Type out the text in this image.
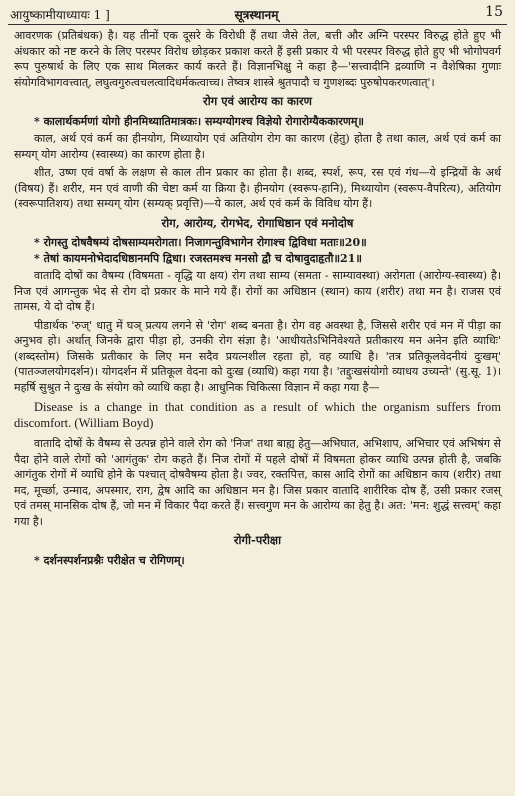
आयुष्कामीयाध्यायः 1 ]	सूत्रस्थानम्	15

आवरणक (प्रतिबंधक) है। यह तीनों एक दूसरे के विरोधी हैं तथा जैसे तेल, बत्ती और अग्नि परस्पर विरुद्ध होते हुए भी अंधकार को नष्ट करने के लिए परस्पर विरोध छोड़कर प्रकाश करते हैं इसी प्रकार ये भी परस्पर विरुद्ध होते हुए भी भोगोपवर्ग रूप पुरुषार्थ के लिए एक साथ मिलकर कार्य करते हैं। विज्ञानभिक्षु ने कहा है—'सत्त्वादीनि द्रव्याणि न वैशेषिका गुणाः संयोगविभागवत्त्वात्, लघुत्वगुरुत्वचलत्वादिधर्मकत्वाच्च। तेष्वत्र शास्त्रे श्रुतपादौ च गुणशब्दः पुरुषोपकरणत्वात्'।

रोग एवं आरोग्य का कारण
* कालार्थकर्मणां योगो हीनमिथ्यातिमात्रकः। सम्यग्योगश्च विज्ञेयो रोगारोग्यैककारणम्॥

काल, अर्थ एवं कर्म का हीनयोग, मिथ्यायोग एवं अतियोग रोग का कारण (हेतु) होता है तथा काल, अर्थ एवं कर्म का सम्यग् योग आरोग्य (स्वास्थ्य) का कारण होता है।

शीत, उष्ण एवं वर्षा के लक्षण से काल तीन प्रकार का होता है। शब्द, स्पर्श, रूप, रस एवं गंध—ये इन्द्रियों के अर्थ (विषय) हैं। शरीर, मन एवं वाणी की चेष्टा कर्म या क्रिया है। हीनयोग (स्वरूप-हानि), मिथ्यायोग (स्वरूप-वैपरित्य), अतियोग (स्वरूपातिशय) तथा सम्यग् योग (सम्यक् प्रवृत्ति)—ये काल, अर्थ एवं कर्म के विविध योग हैं।

रोग, आरोग्य, रोगभेद, रोगाधिष्ठान एवं मनोदोष
* रोगस्तु दोषवैषम्यं दोषसाम्यमरोगता। निजागन्तुविभागेन रोगाश्च द्विविधा मताः॥20॥
* तेषां कायमनोभेदादधिष्ठानमपि द्विधा। रजस्तमश्च मनसो द्वौ च दोषावुदाहृतौ॥21॥

वातादि दोषों का वैषम्य (विषमता - वृद्धि या क्षय) रोग तथा साम्य (समता - साम्यावस्था) अरोगता (आरोग्य-स्वास्थ्य) है। निज एवं आगन्तुक भेद से रोग दो प्रकार के माने गये हैं। रोगों का अधिष्ठान (स्थान) काय (शरीर) तथा मन है। राजस एवं तामस, ये दो दोष हैं।

पीडार्थक 'रुज्' धातु में घञ् प्रत्यय लगने से 'रोग' शब्द बनता है। रोग वह अवस्था है, जिससे शरीर एवं मन में पीड़ा का अनुभव हो। अर्थात् जिनके द्वारा पीड़ा हो, उनकी रोग संज्ञा है। 'आधीयतेऽभिनिवेश्यते प्रतीकारय मन अनेन इति व्याधिः' (शब्दस्तोम) जिसके प्रतीकार के लिए मन सदैव प्रयत्नशील रहता हो, वह व्याधि है। 'तत्र प्रतिकूलवेदनीयं दुःखम्' (पातञ्जलयोगदर्शन)। योगदर्शन में प्रतिकूल वेदना को दुःख (व्याधि) कहा गया है। 'तद्दुःखसंयोगो व्याधय उच्यन्ते' (सु.सू. 1)। महर्षि सुश्रुत ने दुःख के संयोग को व्याधि कहा है। आधुनिक चिकित्सा विज्ञान में कहा गया है—

Disease is a change in that condition as a result of which the organism suffers from discomfort. (William Boyd)

वातादि दोषों के वैषम्य से उत्पन्न होने वाले रोग को 'निज' तथा बाह्य हेतु—अभिघात, अभिशाप, अभिचार एवं अभिषंग से पैदा होने वाले रोगों को 'आगंतुक' रोग कहते हैं। निज रोगों में पहले दोषों में विषमता होकर व्याधि उत्पन्न होती है, जबकि आगंतुक रोगों में व्याधि होने के पश्चात् दोषवैषम्य होता है। ज्वर, रक्तपित्त, कास आदि रोगों का अधिष्ठान काय (शरीर) तथा मद, मूर्च्छा, उन्माद, अपस्मार, राग, द्वेष आदि का अधिष्ठान मन है। जिस प्रकार वातादि शारीरिक दोष हैं, उसी प्रकार रजस् एवं तमस् मानसिक दोष हैं, जो मन में विकार पैदा करते हैं। सत्त्वगुण मन के आरोग्य का हेतु है। अत: 'मन: शुद्धं सत्त्वम्' कहा गया है।

रोगी-परीक्षा
* दर्शनस्पर्शनप्रश्नैः परीक्षेत च रोगिणम्।
